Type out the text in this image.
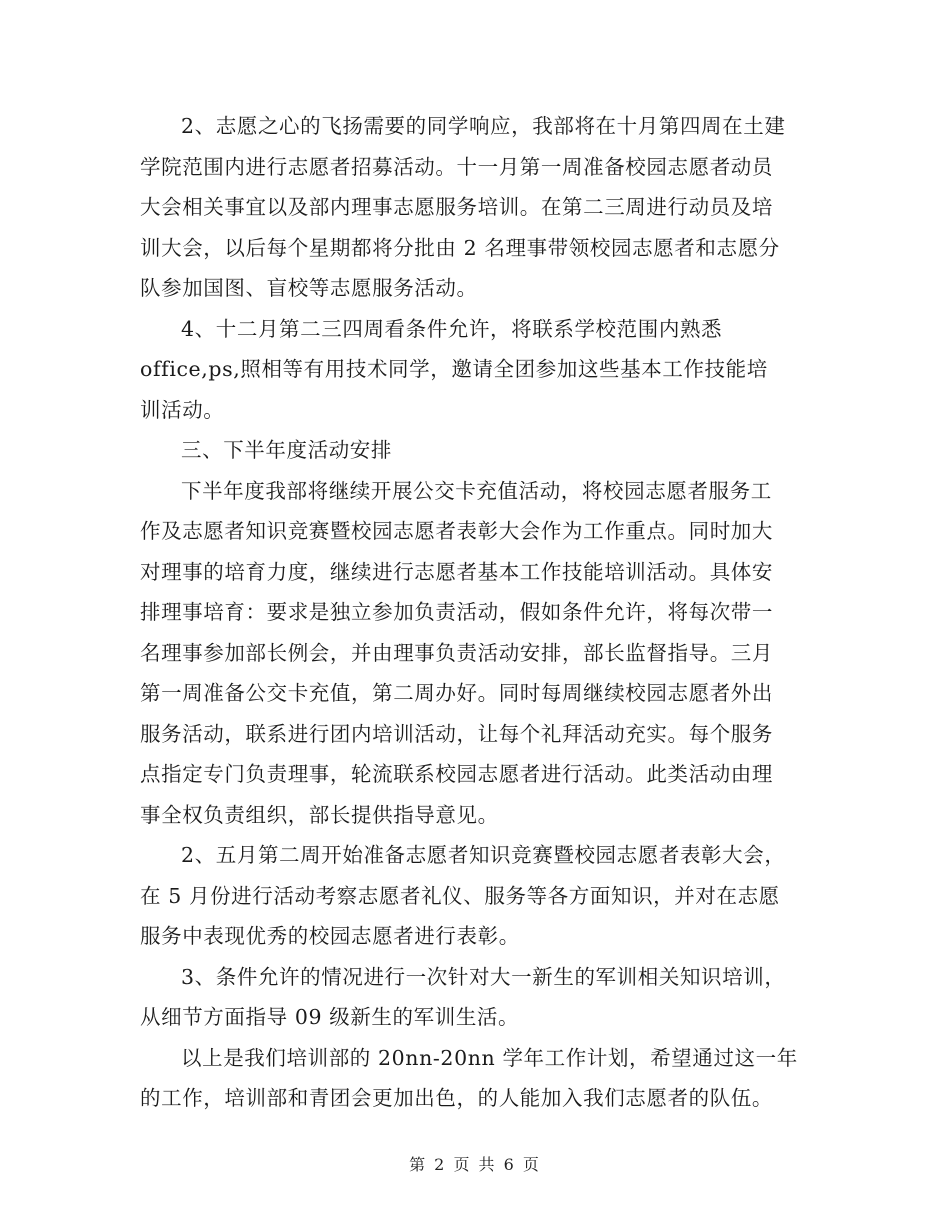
2、志愿之心的飞扬需要的同学响应，我部将在十月第四周在土建
学院范围内进行志愿者招募活动。十一月第一周准备校园志愿者动员
大会相关事宜以及部内理事志愿服务培训。在第二三周进行动员及培
训大会，以后每个星期都将分批由 2 名理事带领校园志愿者和志愿分
队参加国图、盲校等志愿服务活动。

4、十二月第二三四周看条件允许，将联系学校范围内熟悉
office,ps,照相等有用技术同学，邀请全团参加这些基本工作技能培
训活动。

三、下半年度活动安排

下半年度我部将继续开展公交卡充值活动，将校园志愿者服务工
作及志愿者知识竞赛暨校园志愿者表彰大会作为工作重点。同时加大
对理事的培育力度，继续进行志愿者基本工作技能培训活动。具体安
排理事培育：要求是独立参加负责活动，假如条件允许，将每次带一
名理事参加部长例会，并由理事负责活动安排，部长监督指导。三月
第一周准备公交卡充值，第二周办好。同时每周继续校园志愿者外出
服务活动，联系进行团内培训活动，让每个礼拜活动充实。每个服务
点指定专门负责理事，轮流联系校园志愿者进行活动。此类活动由理
事全权负责组织，部长提供指导意见。

2、五月第二周开始准备志愿者知识竞赛暨校园志愿者表彰大会，
在 5 月份进行活动考察志愿者礼仪、服务等各方面知识，并对在志愿
服务中表现优秀的校园志愿者进行表彰。

3、条件允许的情况进行一次针对大一新生的军训相关知识培训，
从细节方面指导 09 级新生的军训生活。

以上是我们培训部的 20nn-20nn 学年工作计划，希望通过这一年
的工作，培训部和青团会更加出色，的人能加入我们志愿者的队伍。

第 2 页 共 6 页
